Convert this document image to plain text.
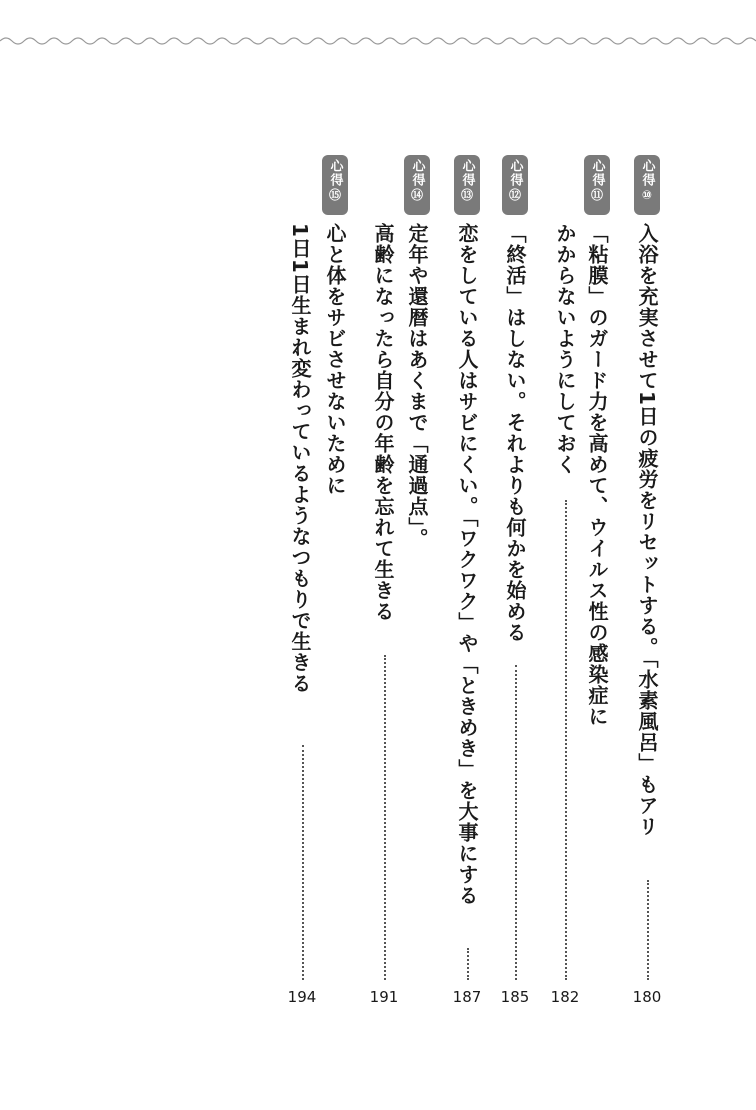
心得
⑩
入浴を充実させて1日の疲労をリセットする。「水素風呂」もアリ
180
心得
⑪
「粘膜」のガード力を高めて、ウイルス性の感染症に
かからないようにしておく
182
心得
⑫
「終活」はしない。それよりも何かを始める
185
心得
⑬
恋をしている人はサビにくい。「ワクワク」や「ときめき」を大事にする
187
心得
⑭
定年や還暦はあくまで「通過点」。
高齢になったら自分の年齢を忘れて生きる
191
心得
⑮
心と体をサビさせないために
1日1日生まれ変わっているようなつもりで生きる
194
